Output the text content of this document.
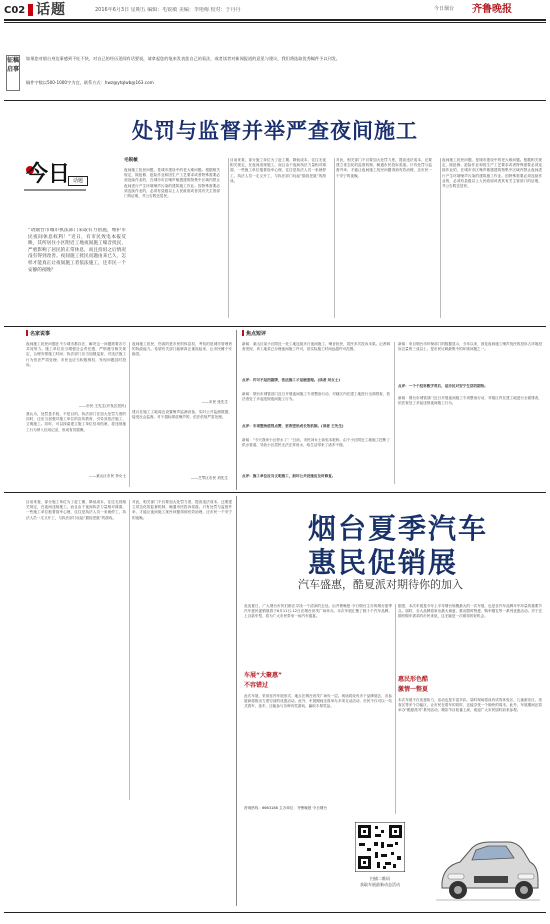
C02 话题	2016年6月3日 星期五 编辑：毛锐敏 美编：李艳梅 校对：于丹丹	今日烟台 齐鲁晚报
征稿启事
如果您对烟台身边事感到不吐不快，对自己的经历见闻有话要说，请拿起您的笔来发表您自己的看法，或者读者对新闻报道的意见与建议，我们将选取优秀稿件予以刊发。
稿件字数以500-1000字为宜，联系方式：hwz@ytqlwb@163.com
处罚与监督并举严查夜间施工
今日 话题
“请烟台市城市执法部门采取有力措施，维护市民夜间休息权利！”近日，有市民致电本报反映，其所居住小区附近工地夜间施工噪音扰民，严重影响了居民的正常休息，而且投诉之后情况没有得到改善。夜间施工扰民问题由来已久，怎样才能真正让夜间施工者依法施工，还市民一个安静的夜晚？
毛锐敏
夜间施工扰民问题，是城市建设中的老大难问题。根据相关规定，除抢修、抢险作业和因生产工艺要求或者特殊需要必须连续作业的，在城市市区噪声敏感建筑物集中区域内禁止夜间进行产生环境噪声污染的建筑施工作业。因特殊需要必须连续作业的，必须有县级以上人民政府或者其有关主管部门的证明，并公告附近居民。
目前来看，部分施工单位为了赶工期、降低成本，往往无视相关规定，在夜间违规施工。而且由于夜间执法力量相对薄弱，一些施工单位抱着侥幸心理，往往是执法人员一来就停工，执法人员一走又开工，与执法部门玩起“猫捉老鼠”的游戏。
对此，相关部门不仅要加大处罚力度，提高违法成本，还要建立常态化的监督机制，畅通市民投诉渠道。只有处罚与监督并举，才能让夜间施工扰民问题得到有效治理，还市民一个安宁的夜晚。
夜间施工扰民问题，是城市建设中的老大难问题。根据相关规定，除抢修、抢险作业和因生产工艺要求或者特殊需要必须连续作业的，在城市市区噪声敏感建筑物集中区域内禁止夜间进行产生环境噪声污染的建筑施工作业。因特殊需要必须连续作业的，必须有县级以上人民政府或者其有关主管部门的证明，并公告附近居民。
名家说事
夜间施工扰民问题在不少城市都存在，解决这一问题需要各方共同努力。施工单位应当增强社会责任感，严格遵守相关规定，合理安排施工时间；执法部门应当加强巡查，对违法施工行为依法严肃处理；市民也应当积极维权，发现问题及时投诉。
——市民 王先生(开发区居民)
我认为，处罚是手段，不是目的。执法部门在加大处罚力度的同时，还应当加强对施工单位的宣传教育，引导其依法施工、文明施工。同时，可以探索建立施工单位信用档案，将违规施工行为纳入信用记录，形成有效震慑。
——莱山区市民 李女士
夜间施工扰民，伤害的是市民的休息权，考验的是城市管理者的执政能力。希望有关部门能够真正重视起来，让市民睡个安稳觉。
——市民 张先生
建议在施工工地周边设置噪声监测设备，实时公开监测数据，接受社会监督。对于超标排放噪声的，依法依规严肃处理。
——芝罘区市民 刘先生
焦点短评
新闻：莱山区某小区附近一处工地连续多日夜间施工，噪音扰民，居民多次投诉未果。记者调查发现，该工地虽已办理夜间施工许可，但实际施工时间远超许可范围。
点评：许可不是挡箭牌，依法施工才是硬道理。(读者 刘女士)
新闻：烟台市城管部门近日开展夜间施工专项整治行动，对辖区内在建工地进行全面排查，依法查处了多起违规夜间施工行为。
点评：专项整治值得点赞，更希望形成长效机制。(读者 王先生)
新闻：“今天我家小区停水了！”日前，市民刘女士致电本报称，由于小区附近工地施工挖断了供水管道，导致小区居民无法正常用水，给生活带来了诸多不便。
点评：施工单位应当文明施工，损坏公共设施应及时修复。
新闻：来自烟台市环保部门的数据显示，今年以来，涉及夜间施工噪声扰民的投诉占环境投诉总量的三成以上，是市民反映最集中的环境问题之一。
点评：一个个投诉数字背后，是市民对安宁生活的期待。
新闻：烟台市城管部门近日开展夜间施工专项整治行动，对辖区内在建工地进行全面排查，依法查处了多起违规夜间施工行为。
目前来看，部分施工单位为了赶工期、降低成本，往往无视相关规定，在夜间违规施工。而且由于夜间执法力量相对薄弱，一些施工单位抱着侥幸心理，往往是执法人员一来就停工，执法人员一走又开工，与执法部门玩起“猫捉老鼠”的游戏。
对此，相关部门不仅要加大处罚力度，提高违法成本，还要建立常态化的监督机制，畅通市民投诉渠道。只有处罚与监督并举，才能让夜间施工扰民问题得到有效治理，还市民一个安宁的夜晚。	烟台夏季汽车
惠民促销展
汽车盛惠，酷夏派对期待你的加入
炎炎夏日，广大烟台市民们都在寻找一个清凉的去处。由齐鲁晚报·今日烟台主办的烟台夏季汽车惠民促销展将于6月11日-12日在烟台世茂广场举办。本次车展汇聚了数十个汽车品牌，上百款车型，将为广大市民带来一场汽车盛宴。
车展“大聚惠”
不容错过
此次车展，采用室内车展形式，地点在烟台世茂广场负一层。现场将设有多个品牌展区，各参展商将推出力度空前的优惠活动。此外，车展期间还将举办多项互动活动，市民不仅可以一站式看车、选车，还能参与各种有奖游戏，赢取丰厚奖品。
据悉，本次车展是今年上半年烟台规模最大的一次车展，也是各汽车品牌年中冲量的重要节点。届时，各大品牌将拿出最大诚意，推出限时特惠、购车赠礼等一系列优惠活动。对于近期有购车需求的市民来说，这无疑是一次难得的好机会。
惠民形色酷
激情一整夏
本次车展不仅优惠给力，活动也是丰富多彩。届时现场将设有试驾体验区、儿童游乐区、美食区等多个功能区，让市民在看车的同时，还能享受一个愉快的周末。此外，车展期间还将举办“酷夏派对”系列活动，精彩节目轮番上演，欢迎广大市民届时前来参观。
咨询热线：6663188 主办单位：齐鲁晚报·今日烟台
扫描二维码
获取车展最新动态活动
